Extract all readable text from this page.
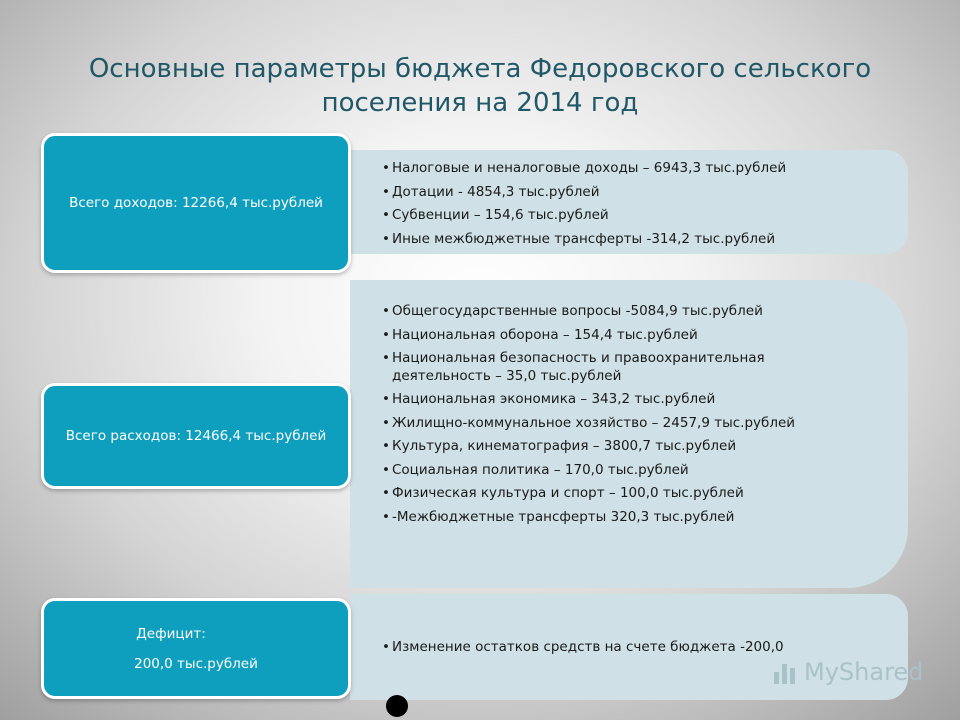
Основные параметры бюджета Федоровского сельского поселения на 2014 год
• Налоговые и неналоговые доходы – 6943,3 тыс.рублей
• Дотации - 4854,3 тыс.рублей
• Субвенции – 154,6 тыс.рублей
• Иные межбюджетные трансферты -314,2 тыс.рублей
• Общегосударственные вопросы -5084,9 тыс.рублей
• Национальная оборона – 154,4 тыс.рублей
• Национальная безопасность и правоохранительная деятельность – 35,0 тыс.рублей
• Национальная экономика – 343,2 тыс.рублей
• Жилищно-коммунальное хозяйство – 2457,9 тыс.рублей
• Культура, кинематография – 3800,7 тыс.рублей
• Социальная политика – 170,0 тыс.рублей
• Физическая культура и спорт – 100,0 тыс.рублей
• -Межбюджетные трансферты 320,3 тыс.рублей
• Изменение остатков средств на счете бюджета -200,0
Всего доходов: 12266,4 тыс.рублей
Всего расходов: 12466,4 тыс.рублей
Дефицит:
200,0 тыс.рублей	MyShared
